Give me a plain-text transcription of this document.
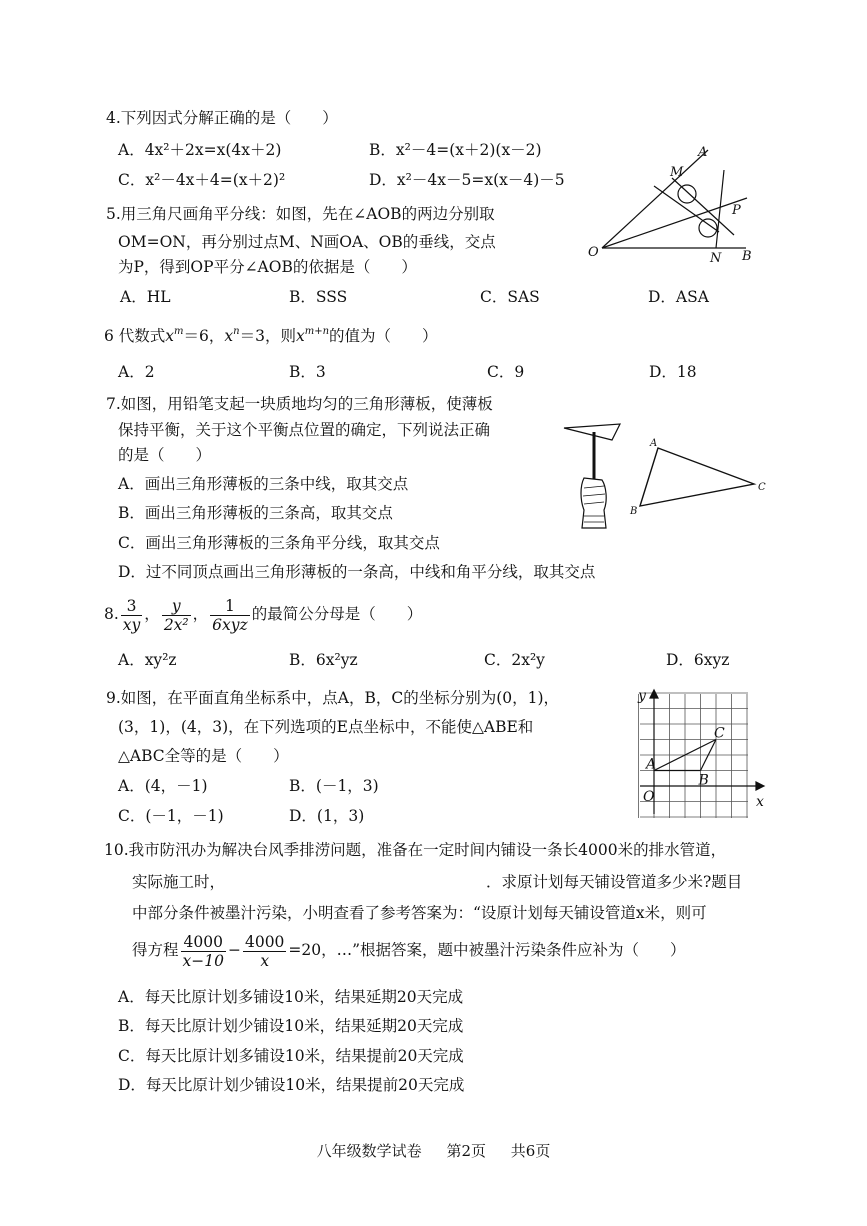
4.下列因式分解正确的是（　　）
A．4x²＋2x=x(4x＋2)	B．x²－4=(x＋2)(x－2)
C．x²－4x＋4=(x＋2)²	D．x²－4x－5=x(x－4)－5
5.用三角尺画角平分线：如图，先在∠AOB的两边分别取
OM=ON，再分别过点M、N画OA、OB的垂线，交点
为P，得到OP平分∠AOB的依据是（　　）
A．HL	B．SSS	C．SAS	D．ASA
A
M
P
O	N B
6 代数式$x^m=6$，$x^n=3$，则$x^{m+n}$的值为（　　）
A．2	B．3	C．9	D．18
7.如图，用铅笔支起一块质地均匀的三角形薄板，使薄板
保持平衡，关于这个平衡点位置的确定，下列说法正确
的是（　　）
A．画出三角形薄板的三条中线，取其交点
B．画出三角形薄板的三条高，取其交点
C．画出三角形薄板的三条角平分线，取其交点
D．过不同顶点画出三角形薄板的一条高，中线和角平分线，取其交点
A
B
C
8. $\frac{3}{xy}$ ， $\frac{y}{\text{2x²}}$ ， $\frac{1}{\text{6xyz}}$ 的最简公分母是（　　）
A．xy²z	B．6x²yz	C．2x²y	D．6xyz
9.如图，在平面直角坐标系中，点A，B，C的坐标分别为(0，1)，
(3，1)，(4，3)，在下列选项的E点坐标中，不能使△ABE和
△ABC全等的是（　　）
A．(4，－1)	B．(－1，3)
C．(－1，－1)	D．(1，3)
y
x
O
A
B
C
10.我市防汛办为解决台风季排涝问题，准备在一定时间内铺设一条长4000米的排水管道，
实际施工时，	．求原计划每天铺设管道多少米?题目
中部分条件被墨汁污染，小明查看了参考答案为：“设原计划每天铺设管道x米，则可
得方程 $\frac{4000}{x-10} - \frac{4000}{x} =20$，…”根据答案，题中被墨汁污染条件应补为（　　）
A．每天比原计划多铺设10米，结果延期20天完成
B．每天比原计划少铺设10米，结果延期20天完成
C．每天比原计划多铺设10米，结果提前20天完成
D．每天比原计划少铺设10米，结果提前20天完成
八年级数学试卷 第2页 共6页
